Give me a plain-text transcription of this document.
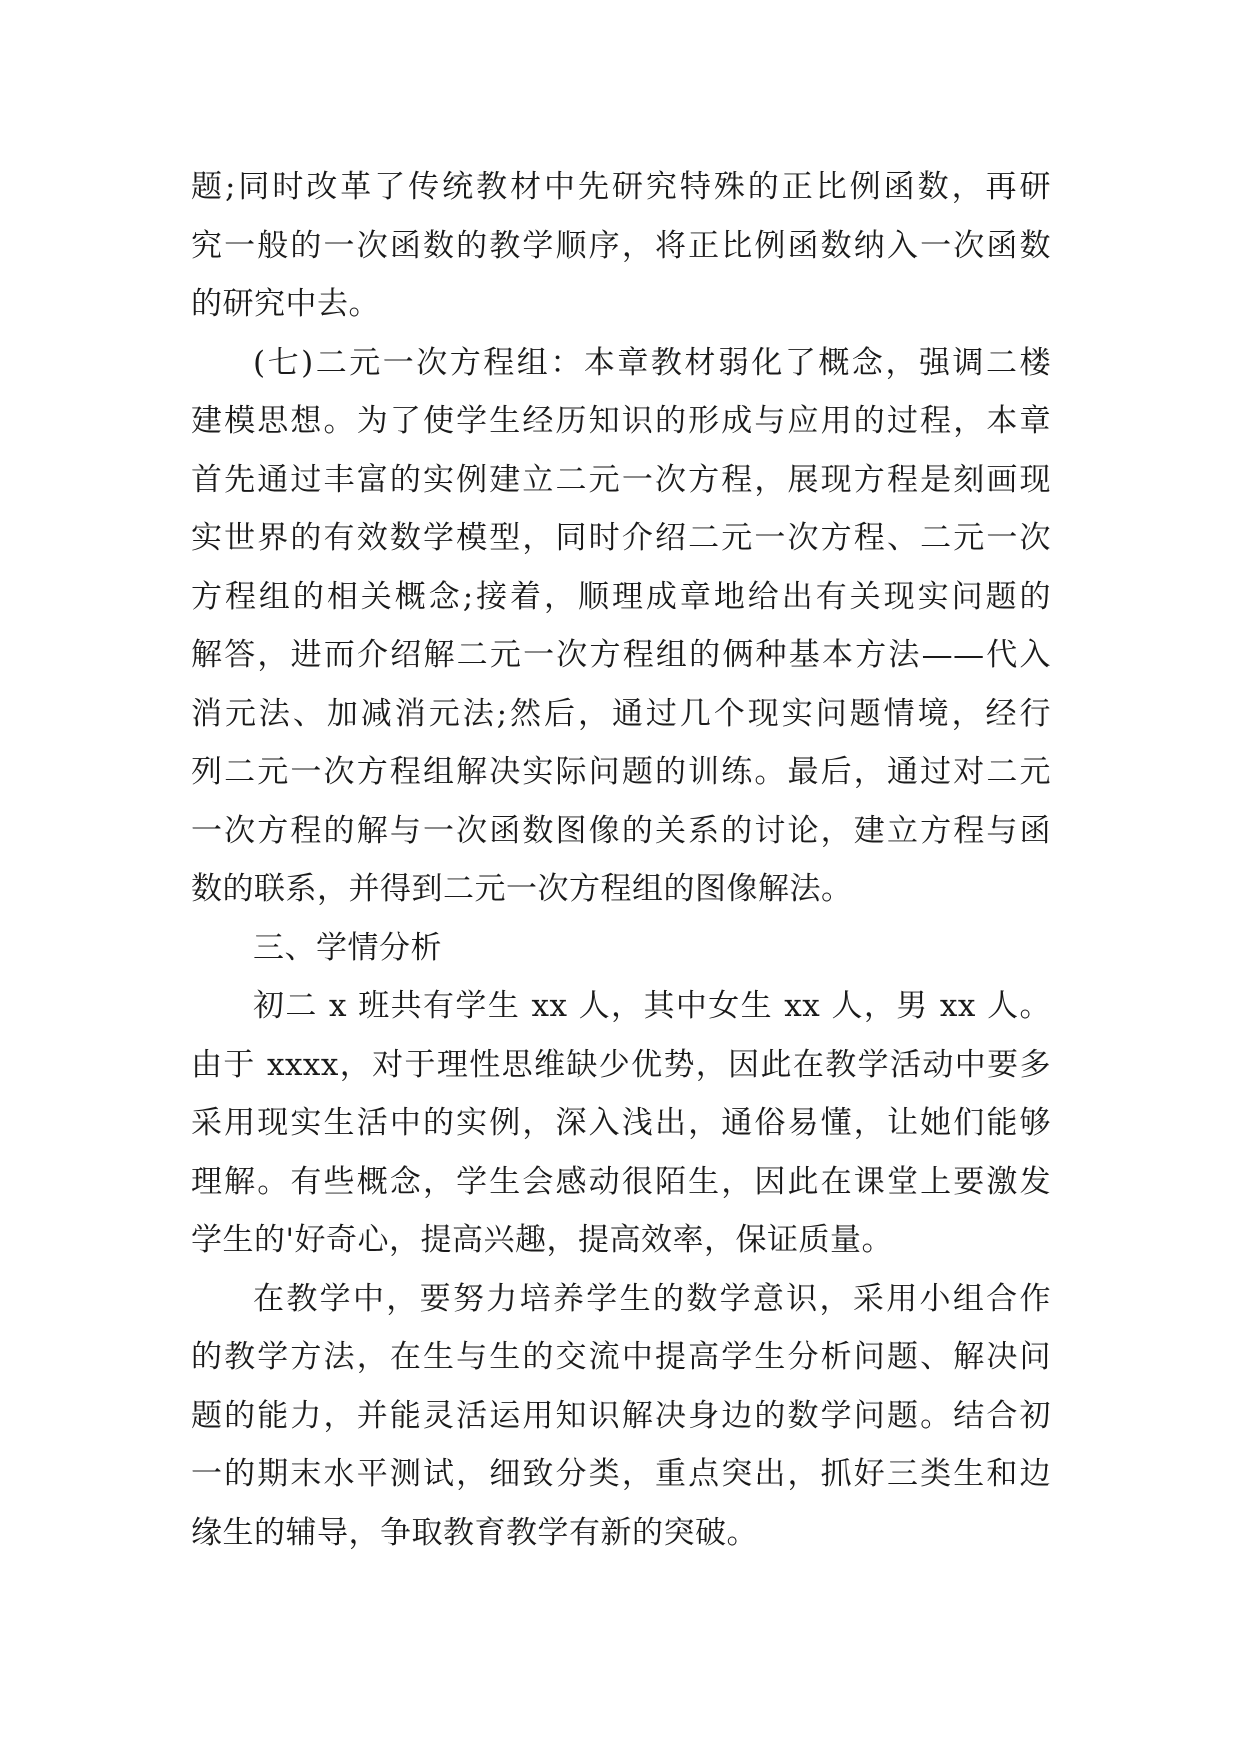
题;同时改革了传统教材中先研究特殊的正比例函数，再研
究一般的一次函数的教学顺序，将正比例函数纳入一次函数
的研究中去。
(七)二元一次方程组：本章教材弱化了概念，强调二楼
建模思想。为了使学生经历知识的形成与应用的过程，本章
首先通过丰富的实例建立二元一次方程，展现方程是刻画现
实世界的有效数学模型，同时介绍二元一次方程、二元一次
方程组的相关概念;接着，顺理成章地给出有关现实问题的
解答，进而介绍解二元一次方程组的俩种基本方法——代入
消元法、加减消元法;然后，通过几个现实问题情境，经行
列二元一次方程组解决实际问题的训练。最后，通过对二元
一次方程的解与一次函数图像的关系的讨论，建立方程与函
数的联系，并得到二元一次方程组的图像解法。
三、学情分析
初二 x 班共有学生 xx 人，其中女生 xx 人，男 xx 人。
由于 xxxx，对于理性思维缺少优势，因此在教学活动中要多
采用现实生活中的实例，深入浅出，通俗易懂，让她们能够
理解。有些概念，学生会感动很陌生，因此在课堂上要激发
学生的'好奇心，提高兴趣，提高效率，保证质量。
在教学中，要努力培养学生的数学意识，采用小组合作
的教学方法，在生与生的交流中提高学生分析问题、解决问
题的能力，并能灵活运用知识解决身边的数学问题。结合初
一的期末水平测试，细致分类，重点突出，抓好三类生和边
缘生的辅导，争取教育教学有新的突破。
